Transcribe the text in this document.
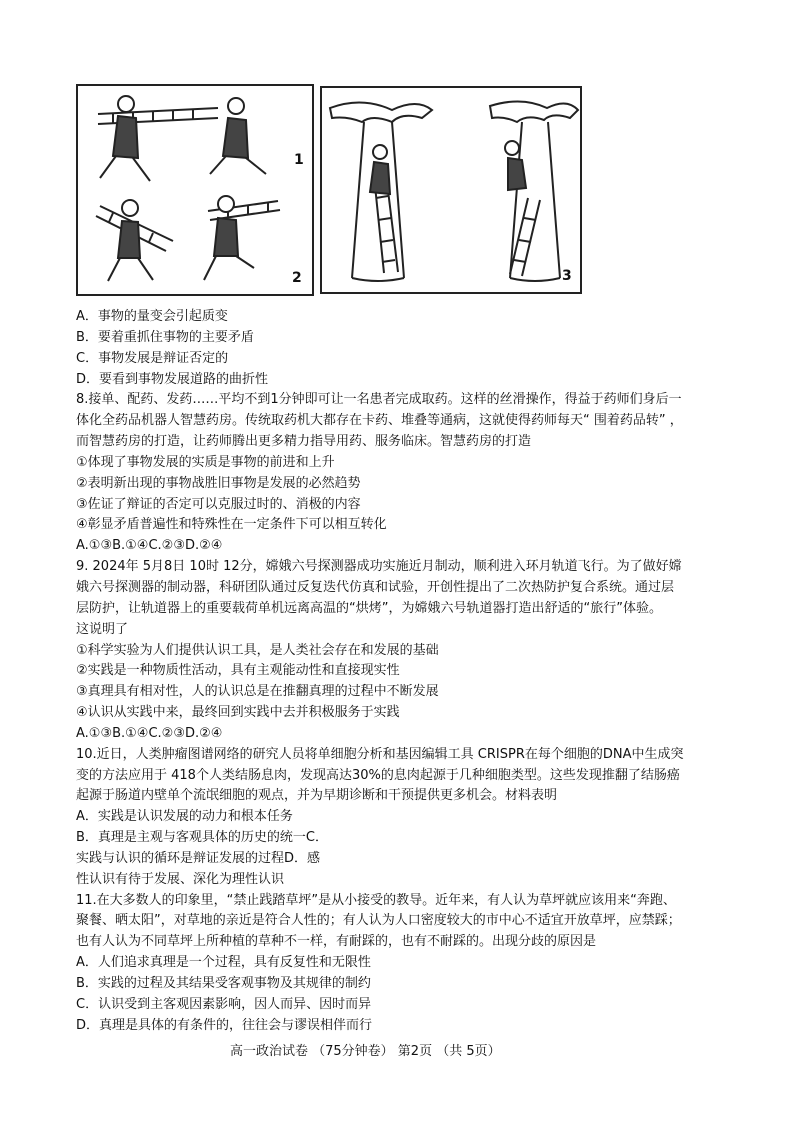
1
2	3
A．事物的量变会引起质变
B．要着重抓住事物的主要矛盾
C．事物发展是辩证否定的
D．要看到事物发展道路的曲折性
8.接单、配药、发药……平均不到1分钟即可让一名患者完成取药。这样的丝滑操作，得益于药师们身后一
体化全药品机器人智慧药房。传统取药机大都存在卡药、堆叠等通病，这就使得药师每天“ 围着药品转” ，
而智慧药房的打造，让药师腾出更多精力指导用药、服务临床。智慧药房的打造
①体现了事物发展的实质是事物的前进和上升
②表明新出现的事物战胜旧事物是发展的必然趋势
③佐证了辩证的否定可以克服过时的、消极的内容
④彰显矛盾普遍性和特殊性在一定条件下可以相互转化
A.①③B.①④C.②③D.②④
9. 2024年 5月8日 10时 12分，嫦娥六号探测器成功实施近月制动，顺利进入环月轨道飞行。为了做好嫦
娥六号探测器的制动器，科研团队通过反复迭代仿真和试验，开创性提出了二次热防护复合系统。通过层
层防护，让轨道器上的重要载荷单机远离高温的“烘烤”，为嫦娥六号轨道器打造出舒适的“旅行”体验。
这说明了
①科学实验为人们提供认识工具，是人类社会存在和发展的基础
②实践是一种物质性活动，具有主观能动性和直接现实性
③真理具有相对性，人的认识总是在推翻真理的过程中不断发展
④认识从实践中来，最终回到实践中去并积极服务于实践
A.①③B.①④C.②③D.②④
10.近日，人类肿瘤图谱网络的研究人员将单细胞分析和基因编辑工具 CRISPR在每个细胞的DNA中生成突
变的方法应用于 418个人类结肠息肉，发现高达30%的息肉起源于几种细胞类型。这些发现推翻了结肠癌
起源于肠道内壁单个流氓细胞的观点，并为早期诊断和干预提供更多机会。材料表明
A．实践是认识发展的动力和根本任务
B．真理是主观与客观具体的历史的统一C．
实践与认识的循环是辩证发展的过程D．感
性认识有待于发展、深化为理性认识
11.在大多数人的印象里，“禁止践踏草坪”是从小接受的教导。近年来，有人认为草坪就应该用来“奔跑、
聚餐、晒太阳”，对草地的亲近是符合人性的；有人认为人口密度较大的市中心不适宜开放草坪，应禁踩；
也有人认为不同草坪上所种植的草种不一样，有耐踩的，也有不耐踩的。出现分歧的原因是
A．人们追求真理是一个过程，具有反复性和无限性
B．实践的过程及其结果受客观事物及其规律的制约
C．认识受到主客观因素影响，因人而异、因时而异
D．真理是具体的有条件的，往往会与谬误相伴而行
高一政治试卷 （75分钟卷） 第2页 （共 5页）
